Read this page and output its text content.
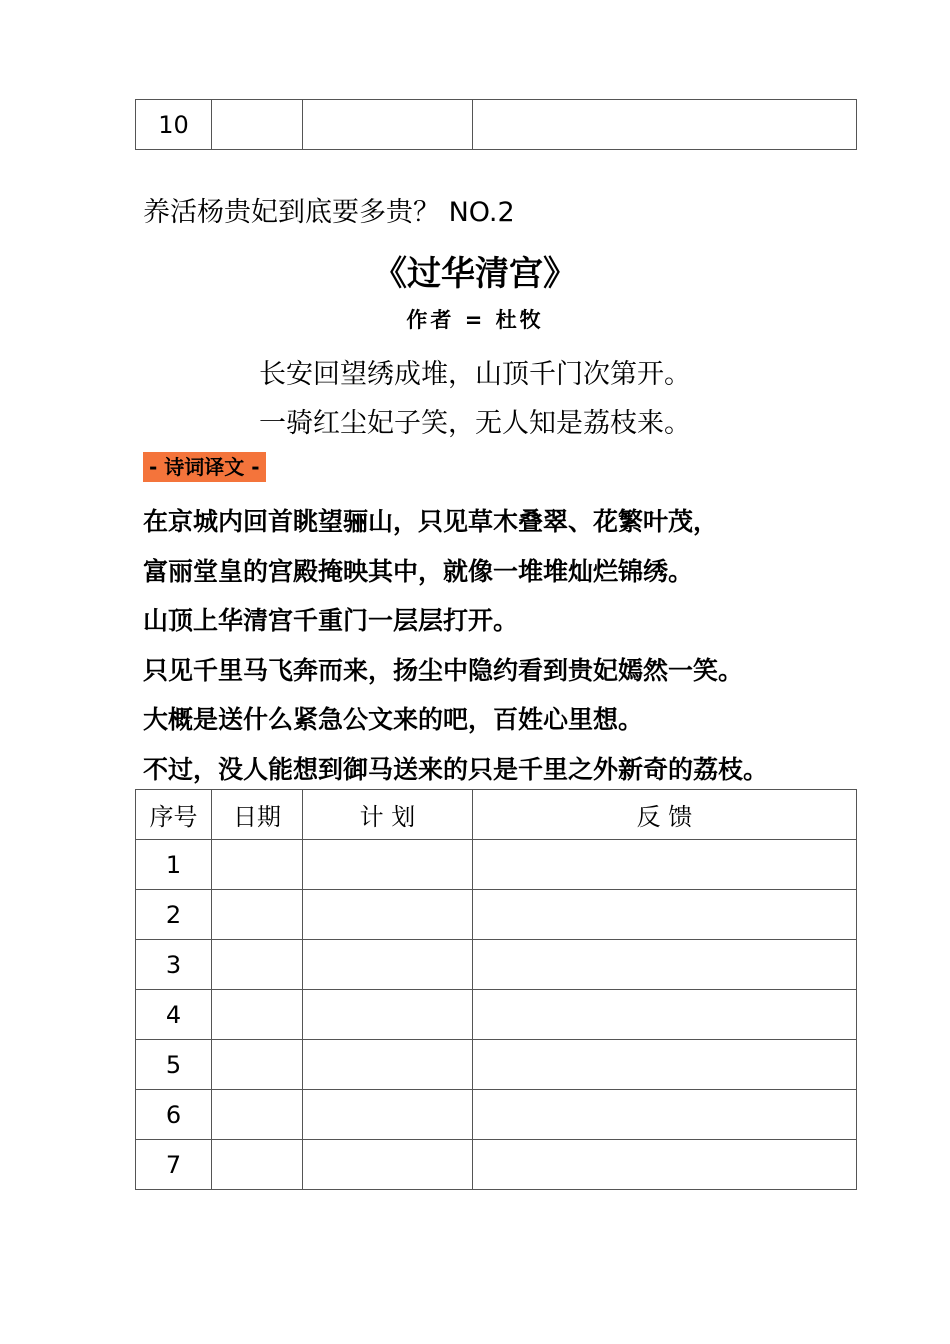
10			
养活杨贵妃到底要多贵？ NO.2
《过华清宫》
作者 = 杜牧
长安回望绣成堆，山顶千门次第开。
一骑红尘妃子笑，无人知是荔枝来。
- 诗词译文 -
在京城内回首眺望骊山，只见草木叠翠、花繁叶茂，
富丽堂皇的宫殿掩映其中，就像一堆堆灿烂锦绣。
山顶上华清宫千重门一层层打开。
只见千里马飞奔而来，扬尘中隐约看到贵妃嫣然一笑。
大概是送什么紧急公文来的吧，百姓心里想。
不过，没人能想到御马送来的只是千里之外新奇的荔枝。
序号	日期	计 划	反 馈
1			
2			
3			
4			
5			
6			
7			
